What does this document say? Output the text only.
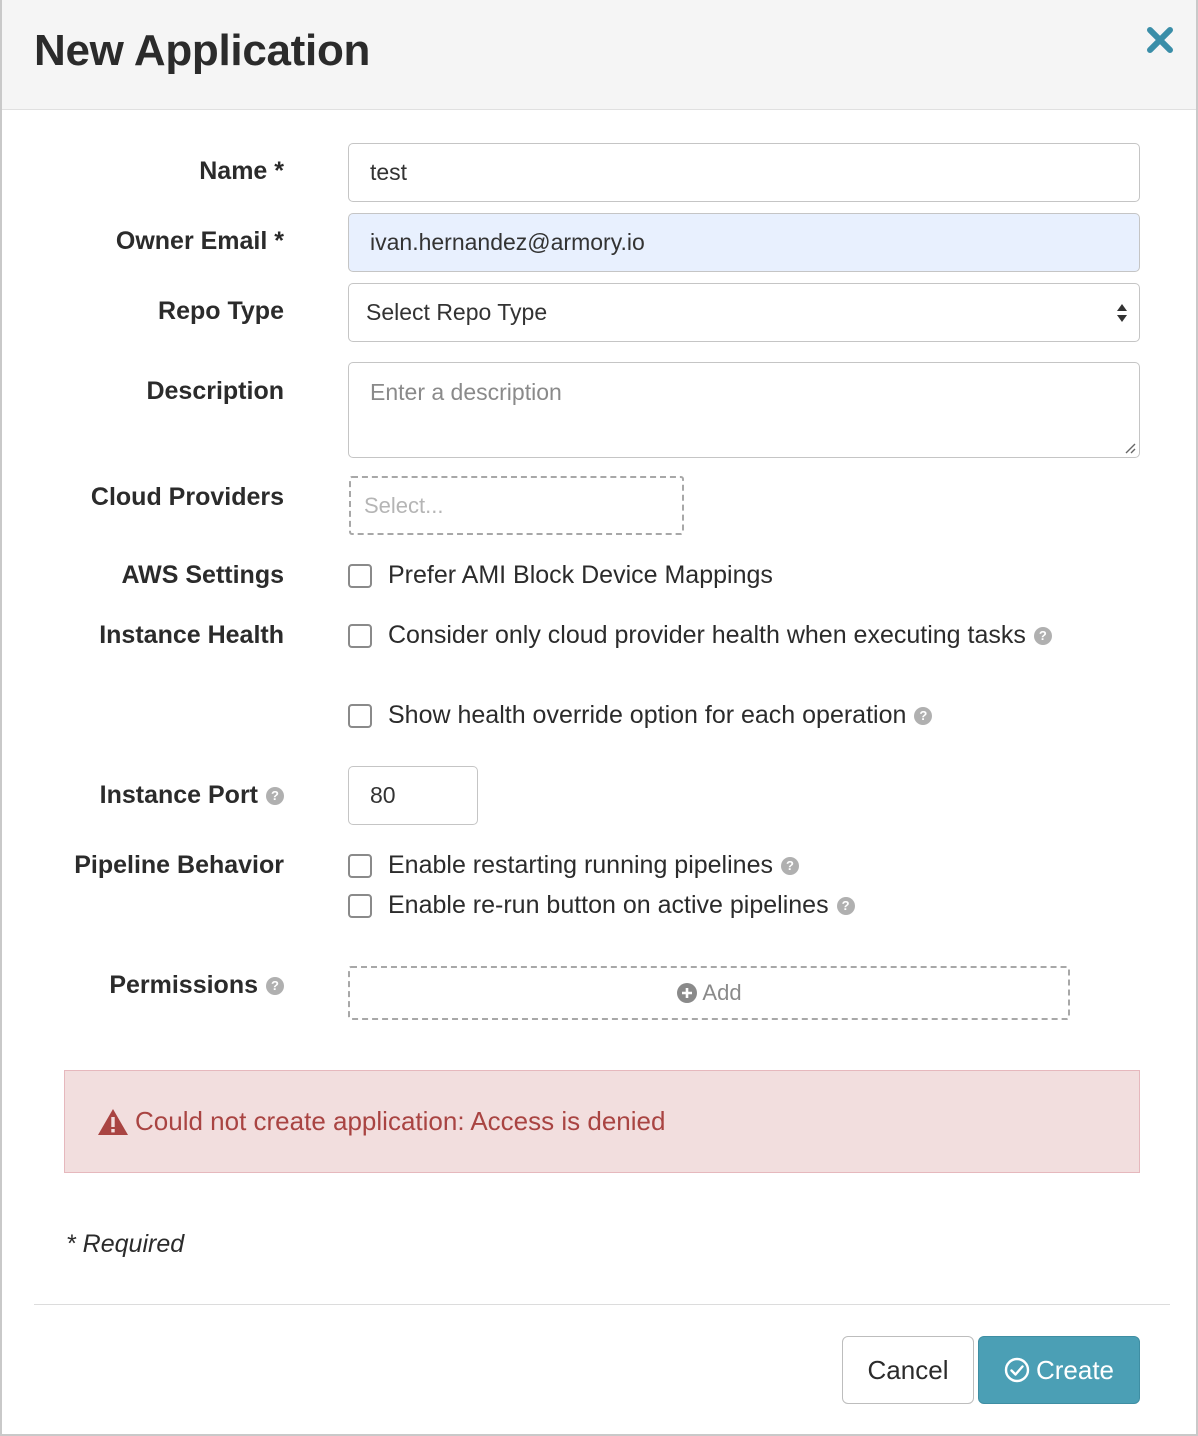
New Application
Name *	test
Owner Email *	ivan.hernandez@armory.io
Repo Type	Select Repo Type
Description	Enter a description
Cloud Providers	Select...
AWS Settings	Prefer AMI Block Device Mappings
Instance Health	Consider only cloud provider health when executing tasks	?
Show health override option for each operation	?
Instance Port	?	80
Pipeline Behavior	Enable restarting running pipelines	?
Enable re-run button on active pipelines	?
Permissions	?	Add
Could not create application: Access is denied
* Required
Cancel	Create
